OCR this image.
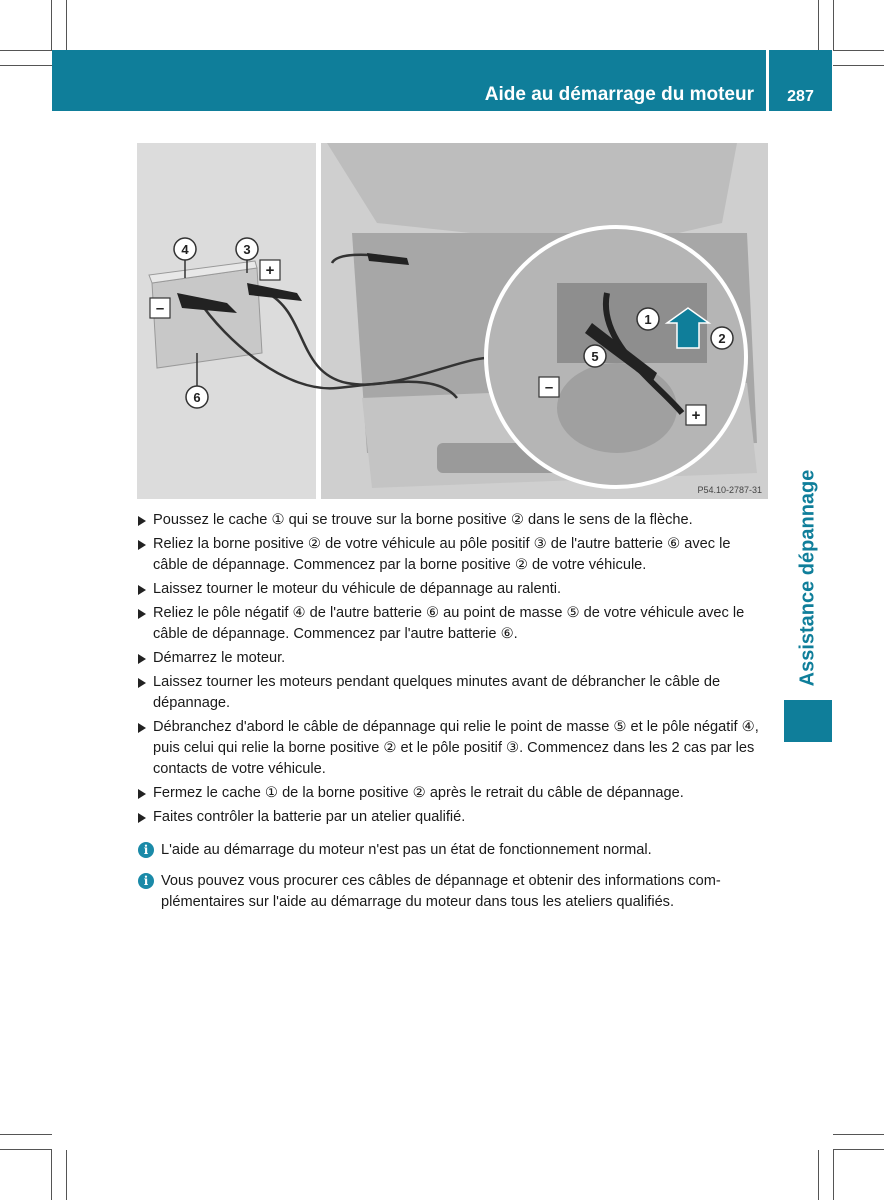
Aide au démarrage du moteur	287
Assistance dépannage
4	3
6
1
2
5
–
+
–
+
P54.10-2787-31
Poussez le cache ① qui se trouve sur la borne positive ② dans le sens de la flèche.
Reliez la borne positive ② de votre véhicule au pôle positif ③ de l'autre batterie ⑥ avec le câble de dépannage. Commencez par la borne positive ② de votre véhicule.
Laissez tourner le moteur du véhicule de dépannage au ralenti.
Reliez le pôle négatif ④ de l'autre batterie ⑥ au point de masse ⑤ de votre véhicule avec le câble de dépannage. Commencez par l'autre batterie ⑥.
Démarrez le moteur.
Laissez tourner les moteurs pendant quelques minutes avant de débrancher le câble de dépannage.
Débranchez d'abord le câble de dépannage qui relie le point de masse ⑤ et le pôle négatif ④, puis celui qui relie la borne positive ② et le pôle positif ③. Commencez dans les 2 cas par les contacts de votre véhicule.
Fermez le cache ① de la borne positive ② après le retrait du câble de dépannage.
Faites contrôler la batterie par un atelier qualifié.
i L'aide au démarrage du moteur n'est pas un état de fonctionnement normal.
i Vous pouvez vous procurer ces câbles de dépannage et obtenir des informations complémentaires sur l'aide au démarrage du moteur dans tous les ateliers qualifiés.
